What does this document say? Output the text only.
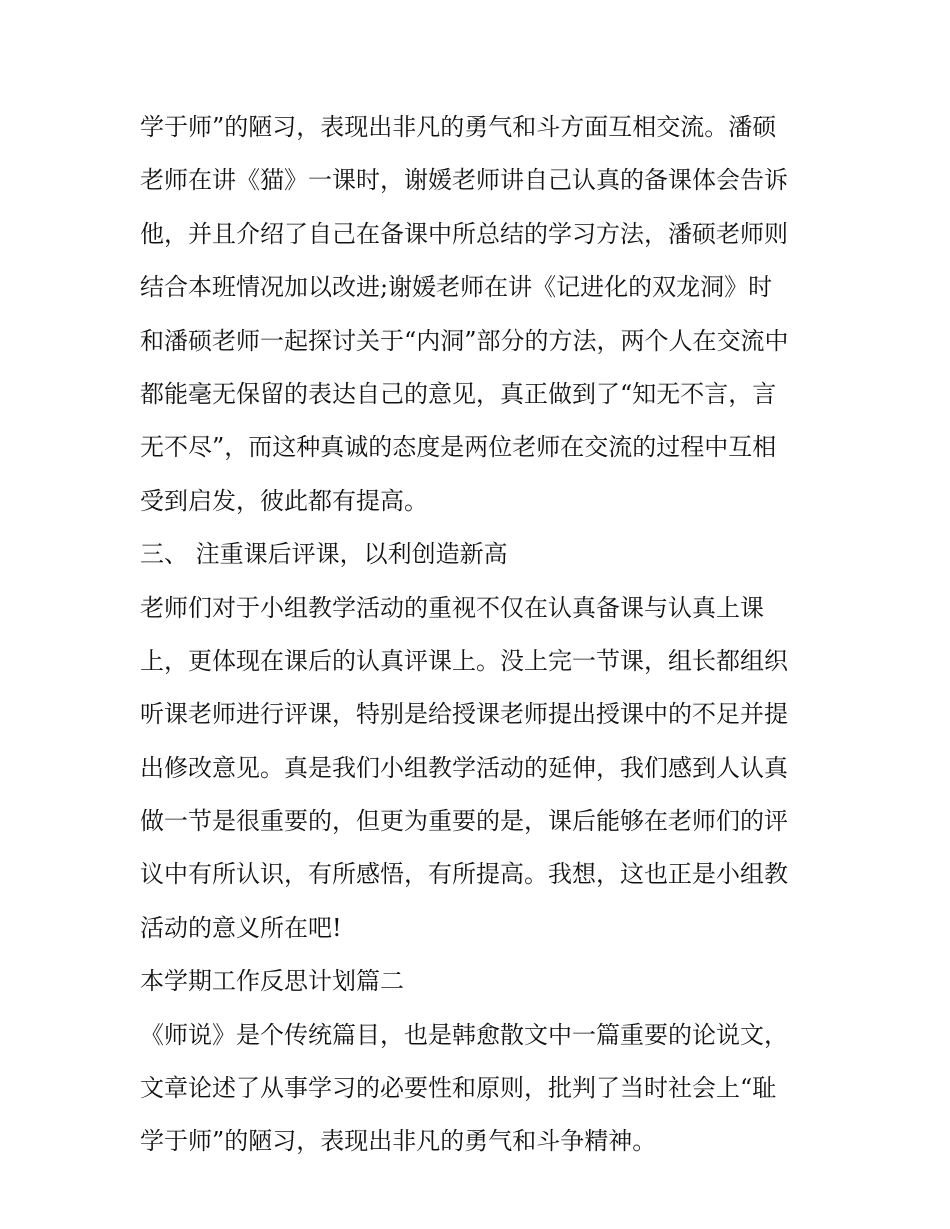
学于师”的陋习，表现出非凡的勇气和斗方面互相交流。潘硕
老师在讲《猫》一课时，谢媛老师讲自己认真的备课体会告诉
他，并且介绍了自己在备课中所总结的学习方法，潘硕老师则
结合本班情况加以改进;谢媛老师在讲《记进化的双龙洞》时
和潘硕老师一起探讨关于“内洞”部分的方法，两个人在交流中
都能毫无保留的表达自己的意见，真正做到了“知无不言，言
无不尽”，而这种真诚的态度是两位老师在交流的过程中互相
受到启发，彼此都有提高。
三、 注重课后评课，以利创造新高
老师们对于小组教学活动的重视不仅在认真备课与认真上课
上，更体现在课后的认真评课上。没上完一节课，组长都组织
听课老师进行评课，特别是给授课老师提出授课中的不足并提
出修改意见。真是我们小组教学活动的延伸，我们感到人认真
做一节是很重要的，但更为重要的是，课后能够在老师们的评
议中有所认识，有所感悟，有所提高。我想，这也正是小组教
活动的意义所在吧!
本学期工作反思计划篇二
《师说》是个传统篇目，也是韩愈散文中一篇重要的论说文，
文章论述了从事学习的必要性和原则，批判了当时社会上“耻
学于师”的陋习，表现出非凡的勇气和斗争精神。
